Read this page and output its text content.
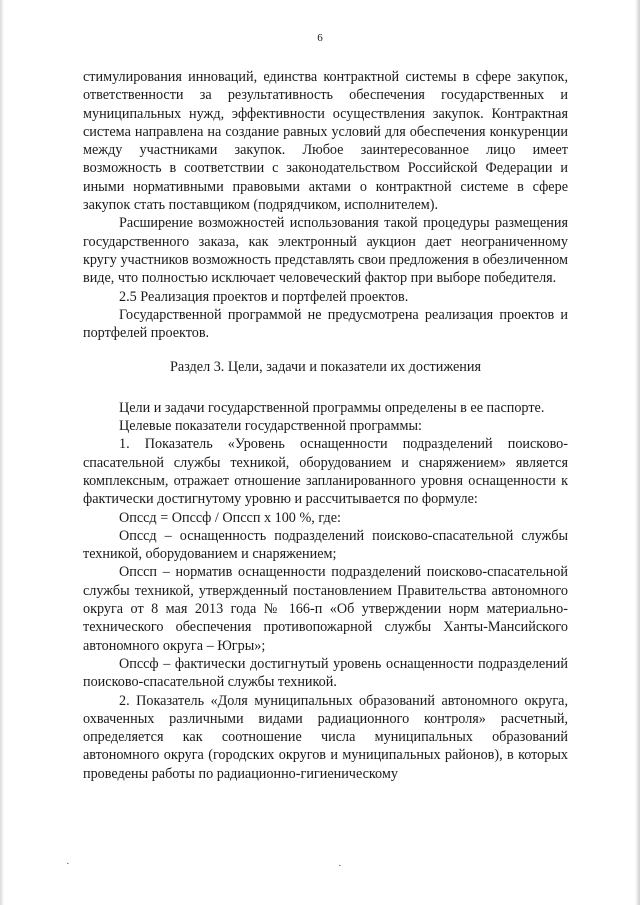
6

стимулирования инноваций, единства контрактной системы в сфере закупок, ответственности за результативность обеспечения государственных и муниципальных нужд, эффективности осуществления закупок. Контрактная система направлена на создание равных условий для обеспечения конкуренции между участниками закупок. Любое заинтересованное лицо имеет возможность в соответствии с законодательством Российской Федерации и иными нормативными правовыми актами о контрактной системе в сфере закупок стать поставщиком (подрядчиком, исполнителем).

Расширение возможностей использования такой процедуры размещения государственного заказа, как электронный аукцион дает неограниченному кругу участников возможность представлять свои предложения в обезличенном виде, что полностью исключает человеческий фактор при выборе победителя.

2.5 Реализация проектов и портфелей проектов.

Государственной программой не предусмотрена реализация проектов и портфелей проектов.

Раздел 3. Цели, задачи и показатели их достижения

Цели и задачи государственной программы определены в ее паспорте.

Целевые показатели государственной программы:

1. Показатель «Уровень оснащенности подразделений поисково-спасательной службы техникой, оборудованием и снаряжением» является комплексным, отражает отношение запланированного уровня оснащенности к фактически достигнутому уровню и рассчитывается по формуле:

Опсcд = Опсcф / Опсcп х 100 %, где:

Опсcд – оснащенность подразделений поисково-спасательной службы техникой, оборудованием и снаряжением;

Опсcп – норматив оснащенности подразделений поисково-спасательной службы техникой, утвержденный постановлением Правительства автономного округа от 8 мая 2013 года № 166-п «Об утверждении норм материально-технического обеспечения противопожарной службы Ханты-Мансийского автономного округа – Югры»;

Опсcф – фактически достигнутый уровень оснащенности подразделений поисково-спасательной службы техникой.

2. Показатель «Доля муниципальных образований автономного округа, охваченных различными видами радиационного контроля» расчетный, определяется как соотношение числа муниципальных образований автономного округа (городских округов и муниципальных районов), в которых проведены работы по радиационно-гигиеническому

·	·
